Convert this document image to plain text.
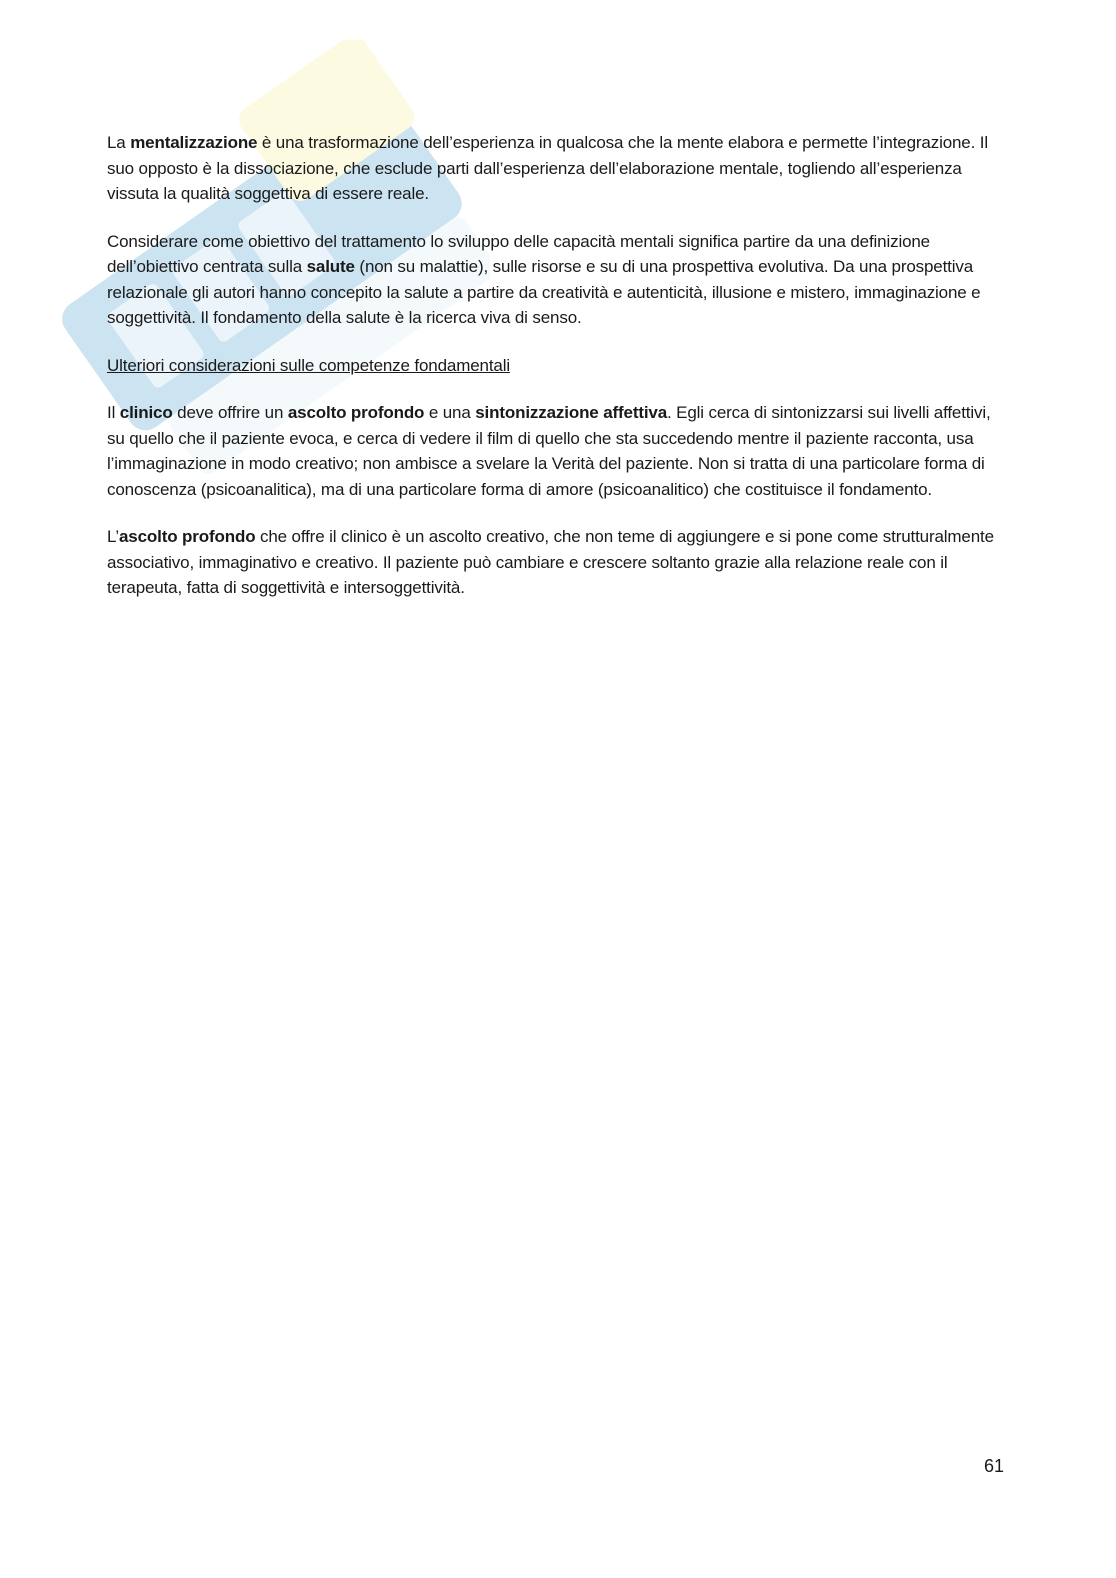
La mentalizzazione è una trasformazione dell’esperienza in qualcosa che la mente elabora e permette l’integrazione. Il suo opposto è la dissociazione, che esclude parti dall’esperienza dell’elaborazione mentale, togliendo all’esperienza vissuta la qualità soggettiva di essere reale.

Considerare come obiettivo del trattamento lo sviluppo delle capacità mentali significa partire da una definizione dell’obiettivo centrata sulla salute (non su malattie), sulle risorse e su di una prospettiva evolutiva. Da una prospettiva relazionale gli autori hanno concepito la salute a partire da creatività e autenticità, illusione e mistero, immaginazione e soggettività. Il fondamento della salute è la ricerca viva di senso.

Ulteriori considerazioni sulle competenze fondamentali

Il clinico deve offrire un ascolto profondo e una sintonizzazione affettiva. Egli cerca di sintonizzarsi sui livelli affettivi, su quello che il paziente evoca, e cerca di vedere il film di quello che sta succedendo mentre il paziente racconta, usa l’immaginazione in modo creativo; non ambisce a svelare la Verità del paziente. Non si tratta di una particolare forma di conoscenza (psicoanalitica), ma di una particolare forma di amore (psicoanalitico) che costituisce il fondamento.

L’ascolto profondo che offre il clinico è un ascolto creativo, che non teme di aggiungere e si pone come strutturalmente associativo, immaginativo e creativo. Il paziente può cambiare e crescere soltanto grazie alla relazione reale con il terapeuta, fatta di soggettività e intersoggettività.

61
